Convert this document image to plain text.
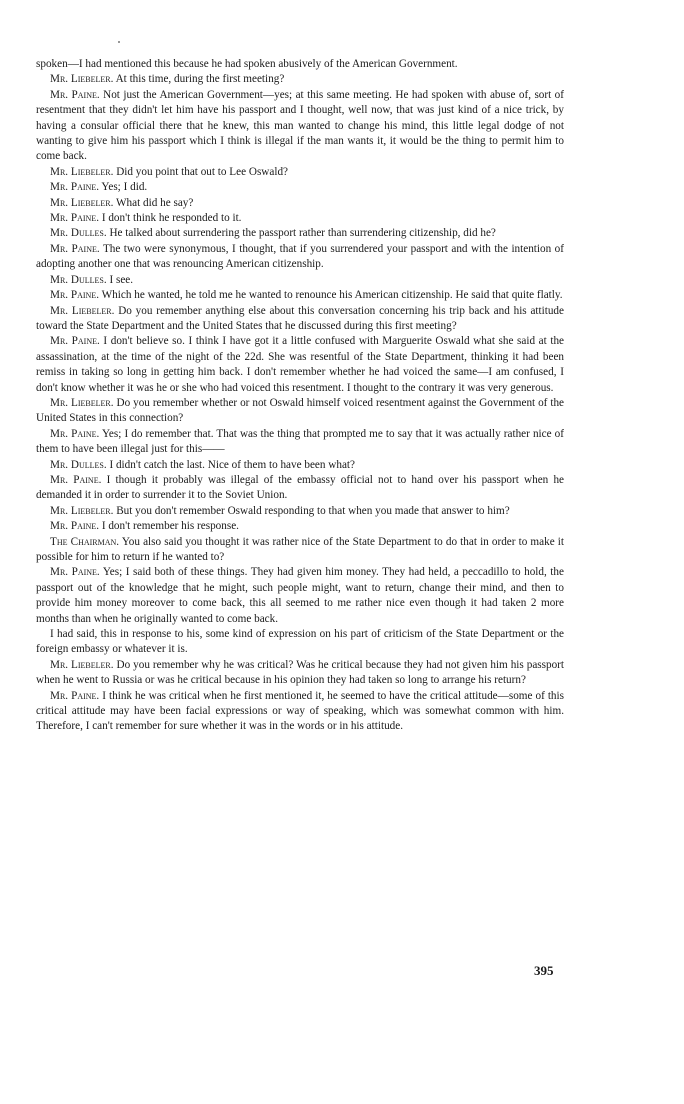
spoken—I had mentioned this because he had spoken abusively of the American Government.

Mr. Liebeler. At this time, during the first meeting?

Mr. Paine. Not just the American Government—yes; at this same meeting. He had spoken with abuse of, sort of resentment that they didn't let him have his passport and I thought, well now, that was just kind of a nice trick, by having a consular official there that he knew, this man wanted to change his mind, this little legal dodge of not wanting to give him his passport which I think is illegal if the man wants it, it would be the thing to permit him to come back.

Mr. Liebeler. Did you point that out to Lee Oswald?

Mr. Paine. Yes; I did.

Mr. Liebeler. What did he say?

Mr. Paine. I don't think he responded to it.

Mr. Dulles. He talked about surrendering the passport rather than surrendering citizenship, did he?

Mr. Paine. The two were synonymous, I thought, that if you surrendered your passport and with the intention of adopting another one that was renouncing American citizenship.

Mr. Dulles. I see.

Mr. Paine. Which he wanted, he told me he wanted to renounce his American citizenship. He said that quite flatly.

Mr. Liebeler. Do you remember anything else about this conversation concerning his trip back and his attitude toward the State Department and the United States that he discussed during this first meeting?

Mr. Paine. I don't believe so. I think I have got it a little confused with Marguerite Oswald what she said at the assassination, at the time of the night of the 22d. She was resentful of the State Department, thinking it had been remiss in taking so long in getting him back. I don't remember whether he had voiced the same—I am confused, I don't know whether it was he or she who had voiced this resentment. I thought to the contrary it was very generous.

Mr. Liebeler. Do you remember whether or not Oswald himself voiced resentment against the Government of the United States in this connection?

Mr. Paine. Yes; I do remember that. That was the thing that prompted me to say that it was actually rather nice of them to have been illegal just for this——

Mr. Dulles. I didn't catch the last. Nice of them to have been what?

Mr. Paine. I though it probably was illegal of the embassy official not to hand over his passport when he demanded it in order to surrender it to the Soviet Union.

Mr. Liebeler. But you don't remember Oswald responding to that when you made that answer to him?

Mr. Paine. I don't remember his response.

The Chairman. You also said you thought it was rather nice of the State Department to do that in order to make it possible for him to return if he wanted to?

Mr. Paine. Yes; I said both of these things. They had given him money. They had held, a peccadillo to hold, the passport out of the knowledge that he might, such people might, want to return, change their mind, and then to provide him money moreover to come back, this all seemed to me rather nice even though it had taken 2 more months than when he originally wanted to come back.

I had said, this in response to his, some kind of expression on his part of criticism of the State Department or the foreign embassy or whatever it is.

Mr. Liebeler. Do you remember why he was critical? Was he critical because they had not given him his passport when he went to Russia or was he critical because in his opinion they had taken so long to arrange his return?

Mr. Paine. I think he was critical when he first mentioned it, he seemed to have the critical attitude—some of this critical attitude may have been facial expressions or way of speaking, which was somewhat common with him. Therefore, I can't remember for sure whether it was in the words or in his attitude.

395
